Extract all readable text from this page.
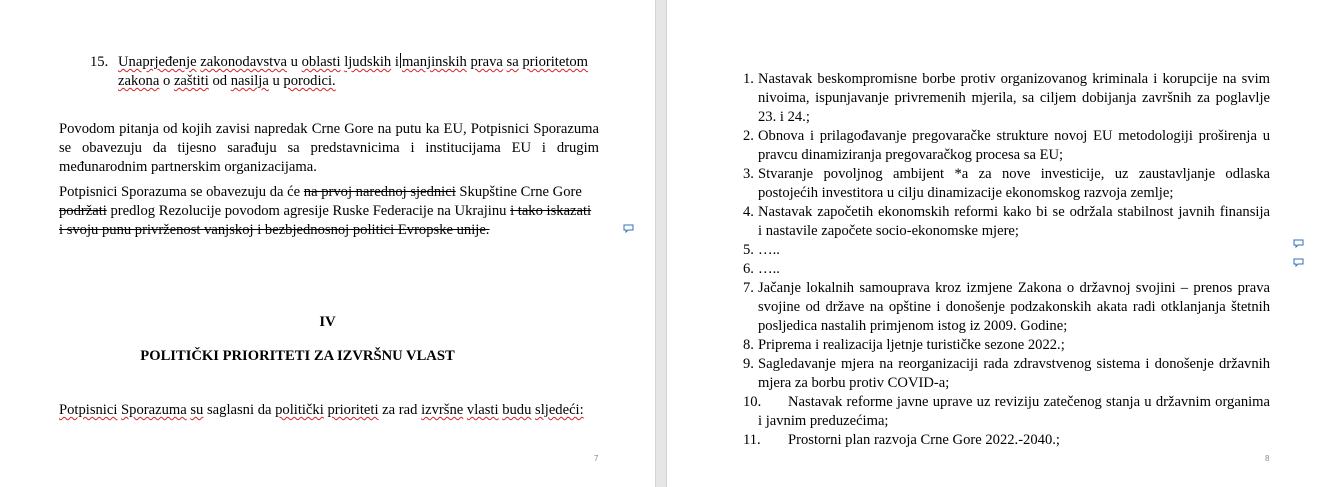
15. Unaprjeđenje zakonodavstva u oblasti ljudskih i manjinskih prava sa prioritetom
zakona o zaštiti od nasilja u porodici.
Povodom pitanja od kojih zavisi napredak Crne Gore na putu ka EU, Potpisnici Sporazuma
se obavezuju da tijesno sarađuju sa predstavnicima i institucijama EU i drugim
međunarodnim partnerskim organizacijama.
Potpisnici Sporazuma se obavezuju da će na prvoj narednoj sjednici Skupštine Crne Gore
podržati predlog Rezolucije povodom agresije Ruske Federacije na Ukrajinu i tako iskazati
i svoju punu privrženost vanjskoj i bezbjednosnoj politici Evropske unije.
IV
POLITIČKI PRIORITETI ZA IZVRŠNU VLAST
Potpisnici Sporazuma su saglasni da politički prioriteti za rad izvršne vlasti budu sljedeći:
7
1. Nastavak beskompromisne borbe protiv organizovanog kriminala i korupcije na svim
nivoima, ispunjavanje privremenih mjerila, sa ciljem dobijanja završnih za poglavlje
23. i 24.;
2. Obnova i prilagođavanje pregovaračke strukture novoj EU metodologiji proširenja u
pravcu dinamiziranja pregovaračkog procesa sa EU;
3. Stvaranje povoljnog ambijent *a za nove investicije, uz zaustavljanje odlaska
postojećih investitora u cilju dinamizacije ekonomskog razvoja zemlje;
4. Nastavak započetih ekonomskih reformi kako bi se održala stabilnost javnih finansija
i nastavile započete socio-ekonomske mjere;
5. …..
6. …..
7. Jačanje lokalnih samouprava kroz izmjene Zakona o državnoj svojini – prenos prava
svojine od države na opštine i donošenje podzakonskih akata radi otklanjanja štetnih
posljedica nastalih primjenom istog iz 2009. Godine;
8. Priprema i realizacija ljetnje turističke sezone 2022.;
9. Sagledavanje mjera na reorganizaciji rada zdravstvenog sistema i donošenje državnih
mjera za borbu protiv COVID-a;
10. Nastavak reforme javne uprave uz reviziju zatečenog stanja u državnim organima
i javnim preduzećima;
11. Prostorni plan razvoja Crne Gore 2022.-2040.;
8
